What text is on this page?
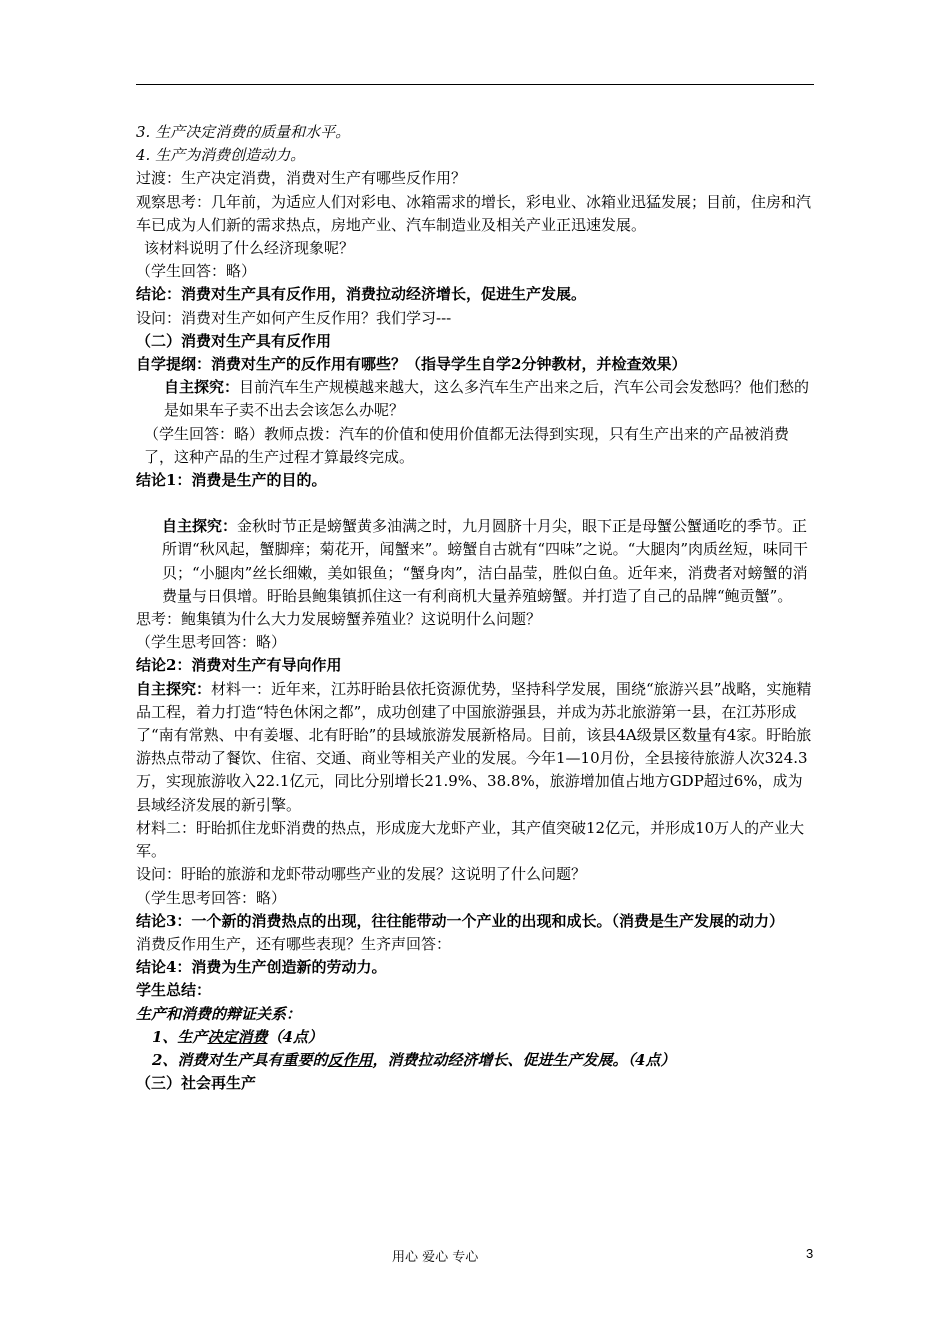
3. 生产决定消费的质量和水平。

4. 生产为消费创造动力。

过渡：生产决定消费，消费对生产有哪些反作用？

观察思考：几年前，为适应人们对彩电、冰箱需求的增长，彩电业、冰箱业迅猛发展；目前，住房和汽车已成为人们新的需求热点，房地产业、汽车制造业及相关产业正迅速发展。

该材料说明了什么经济现象呢？

（学生回答：略）

结论：消费对生产具有反作用，消费拉动经济增长，促进生产发展。

设问：消费对生产如何产生反作用？我们学习---

（二）消费对生产具有反作用

自学提纲：消费对生产的反作用有哪些？（指导学生自学2分钟教材，并检查效果）

自主探究：目前汽车生产规模越来越大，这么多汽车生产出来之后，汽车公司会发愁吗？他们愁的是如果车子卖不出去会该怎么办呢？

（学生回答：略）教师点拨：汽车的价值和使用价值都无法得到实现，只有生产出来的产品被消费了，这种产品的生产过程才算最终完成。

结论1：消费是生产的目的。

自主探究：金秋时节正是螃蟹黄多油满之时，九月圆脐十月尖，眼下正是母蟹公蟹通吃的季节。正所谓“秋风起，蟹脚痒；菊花开，闻蟹来”。螃蟹自古就有“四味”之说。“大腿肉”肉质丝短，味同干贝；“小腿肉”丝长细嫩，美如银鱼；“蟹身肉”，洁白晶莹，胜似白鱼。近年来，消费者对螃蟹的消费量与日俱增。盱眙县鲍集镇抓住这一有利商机大量养殖螃蟹。并打造了自己的品牌“鲍贡蟹”。

思考：鲍集镇为什么大力发展螃蟹养殖业？这说明什么问题？

（学生思考回答：略）

结论2：消费对生产有导向作用

自主探究：材料一：近年来，江苏盱眙县依托资源优势，坚持科学发展，围绕“旅游兴县”战略，实施精品工程，着力打造“特色休闲之都”，成功创建了中国旅游强县，并成为苏北旅游第一县，在江苏形成了“南有常熟、中有姜堰、北有盱眙”的县域旅游发展新格局。目前，该县4A级景区数量有4家。盱眙旅游热点带动了餐饮、住宿、交通、商业等相关产业的发展。今年1—10月份，全县接待旅游人次324.3万，实现旅游收入22.1亿元，同比分别增长21.9%、38.8%，旅游增加值占地方GDP超过6%，成为县域经济发展的新引擎。

材料二：盱眙抓住龙虾消费的热点，形成庞大龙虾产业，其产值突破12亿元，并形成10万人的产业大军。

设问：盱眙的旅游和龙虾带动哪些产业的发展？这说明了什么问题？

（学生思考回答：略）

结论3：一个新的消费热点的出现，往往能带动一个产业的出现和成长。（消费是生产发展的动力）

消费反作用生产，还有哪些表现？生齐声回答：

结论4：消费为生产创造新的劳动力。

学生总结：

生产和消费的辩证关系：

1、生产决定消费（4点）

2、消费对生产具有重要的反作用，消费拉动经济增长、促进生产发展。（4点）

（三）社会再生产

用心 爱心 专心	3
